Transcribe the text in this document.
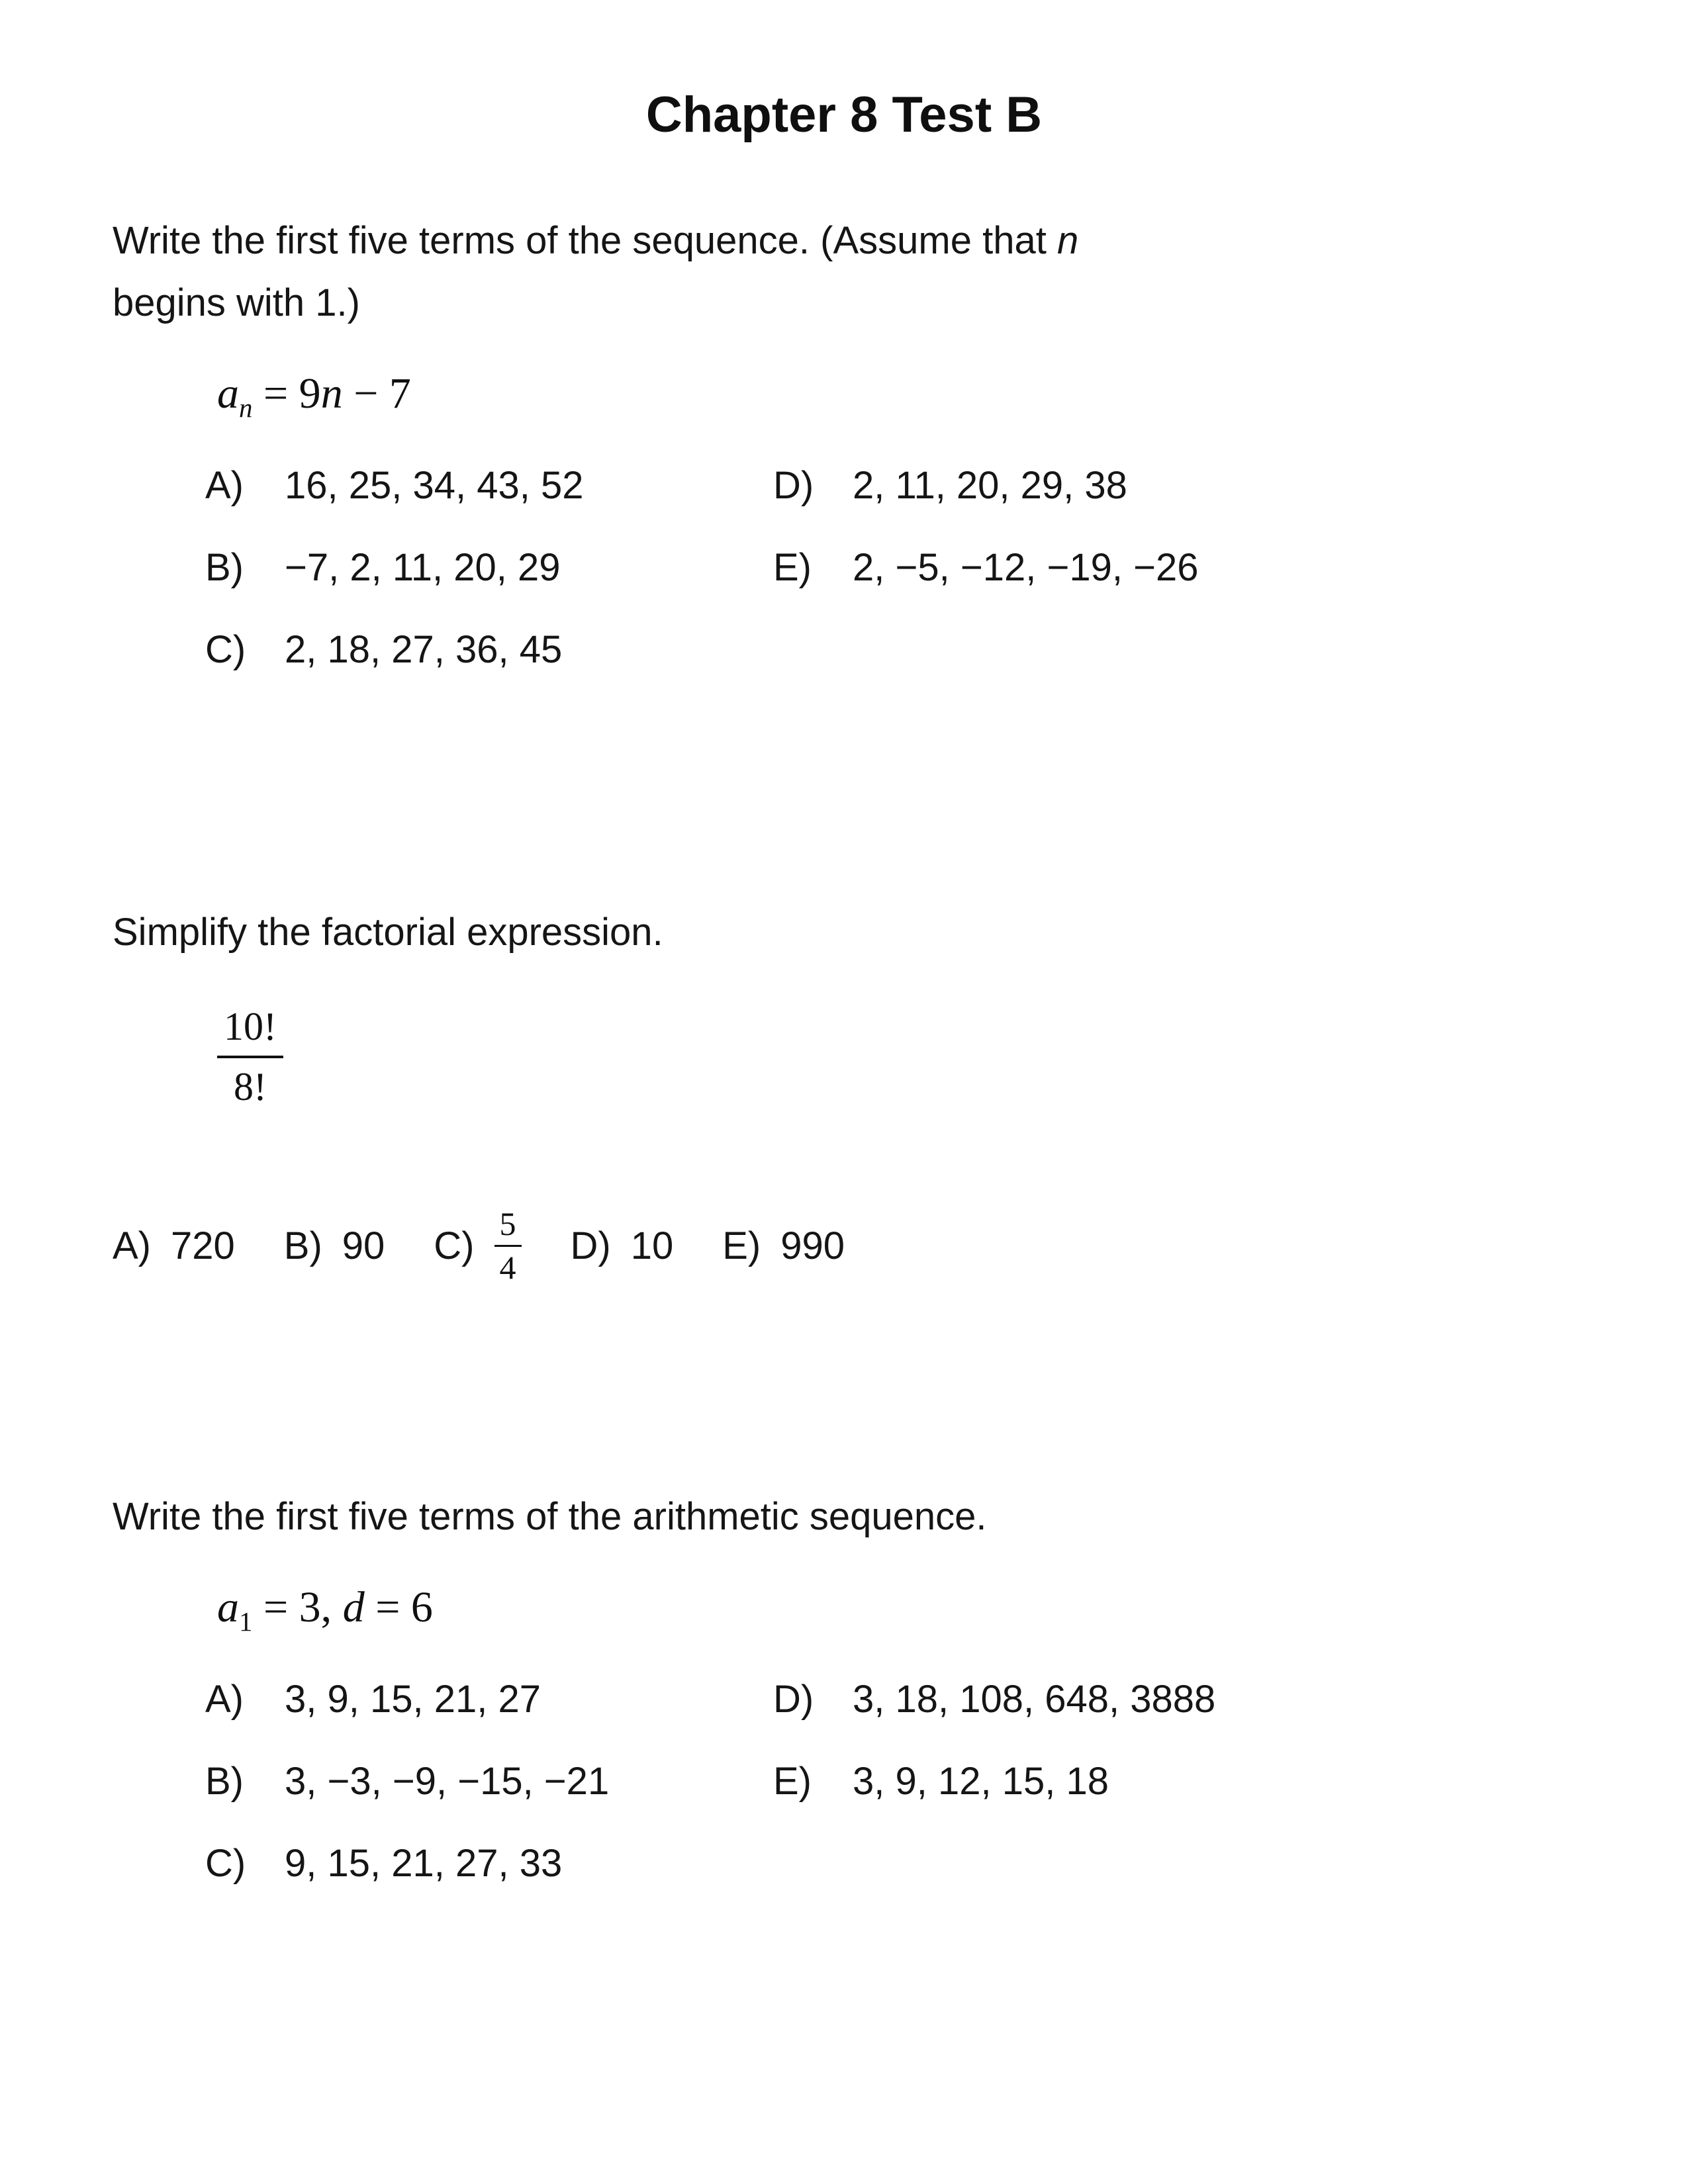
Chapter 8 Test B

Write the first five terms of the sequence. (Assume that n
begins with 1.)

$a_n = 9n - 7$
A)	16, 25, 34, 43, 52
B)	−7, 2, 11, 20, 29
C)	2, 18, 27, 36, 45
D)	2, 11, 20, 29, 38
E)	2, −5, −12, −19, −26

Simplify the factorial expression.

$\frac{10!}{8!}$
A) 720 B) 90 $C) \frac{5}{4} D$) 10 E) 990

Write the first five terms of the arithmetic sequence.

$a_1 = 3$, d = 6
A)	3, 9, 15, 21, 27
B)	3, −3, −9, −15, −21
C)	9, 15, 21, 27, 33
D)	3, 18, 108, 648, 3888
E)	3, 9, 12, 15, 18
